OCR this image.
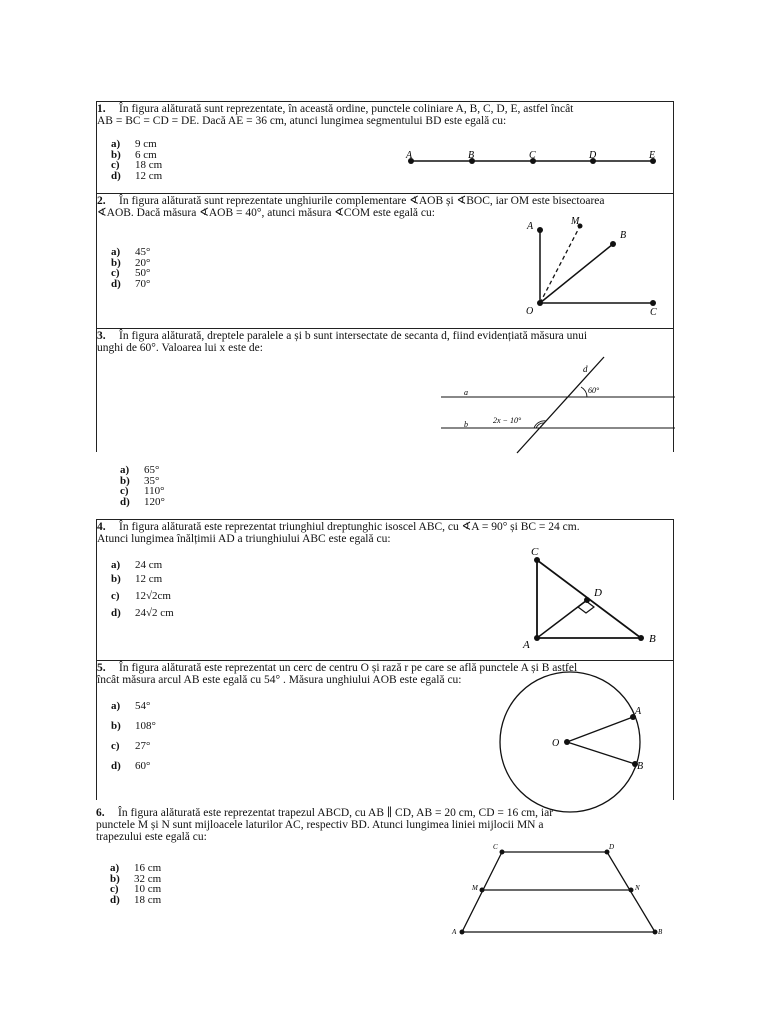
1. În figura alăturată sunt reprezentate, în această ordine, punctele coliniare A, B, C, D, E, astfel încât
AB = BC = CD = DE. Dacă AE = 36 cm, atunci lungimea segmentului BD este egală cu:
a) 9 cm
b) 6 cm
c) 18 cm
d) 12 cm
A	B	C	D	E
2. În figura alăturată sunt reprezentate unghiurile complementare ∢AOB și ∢BOC, iar OM este bisectoarea
∢AOB. Dacă măsura ∢AOB = 40°, atunci măsura ∢COM este egală cu:
a) 45°
b) 20°
c) 50°
d) 70°
A	M
B
O	C
3. În figura alăturată, dreptele paralele a și b sunt intersectate de secanta d, fiind evidențiată măsura unui
unghi de 60°. Valoarea lui x este de:
d
a
b
60°
2x − 10°
a) 65°
b) 35°
c) 110°
d) 120°
4. În figura alăturată este reprezentat triunghiul dreptunghic isoscel ABC, cu ∢A = 90° și BC = 24 cm.
Atunci lungimea înălțimii AD a triunghiului ABC este egală cu:
a) 24 cm
b) 12 cm
c) 12√2cm
d) 24√2 cm
C
D
A	B
5. În figura alăturată este reprezentat un cerc de centru O și rază r pe care se află punctele A și B astfel
încât măsura arcul AB este egală cu 54° . Măsura unghiului AOB este egală cu:
a) 54°
b) 108°
c) 27°
d) 60°
O
A
B
6. În figura alăturată este reprezentat trapezul ABCD, cu AB ∥ CD, AB = 20 cm, CD = 16 cm, iar
punctele M și N sunt mijloacele laturilor AC, respectiv BD. Atunci lungimea liniei mijlocii MN a
trapezului este egală cu:
a) 16 cm
b) 32 cm
c) 10 cm
d) 18 cm
C	D
M	N
A	B
